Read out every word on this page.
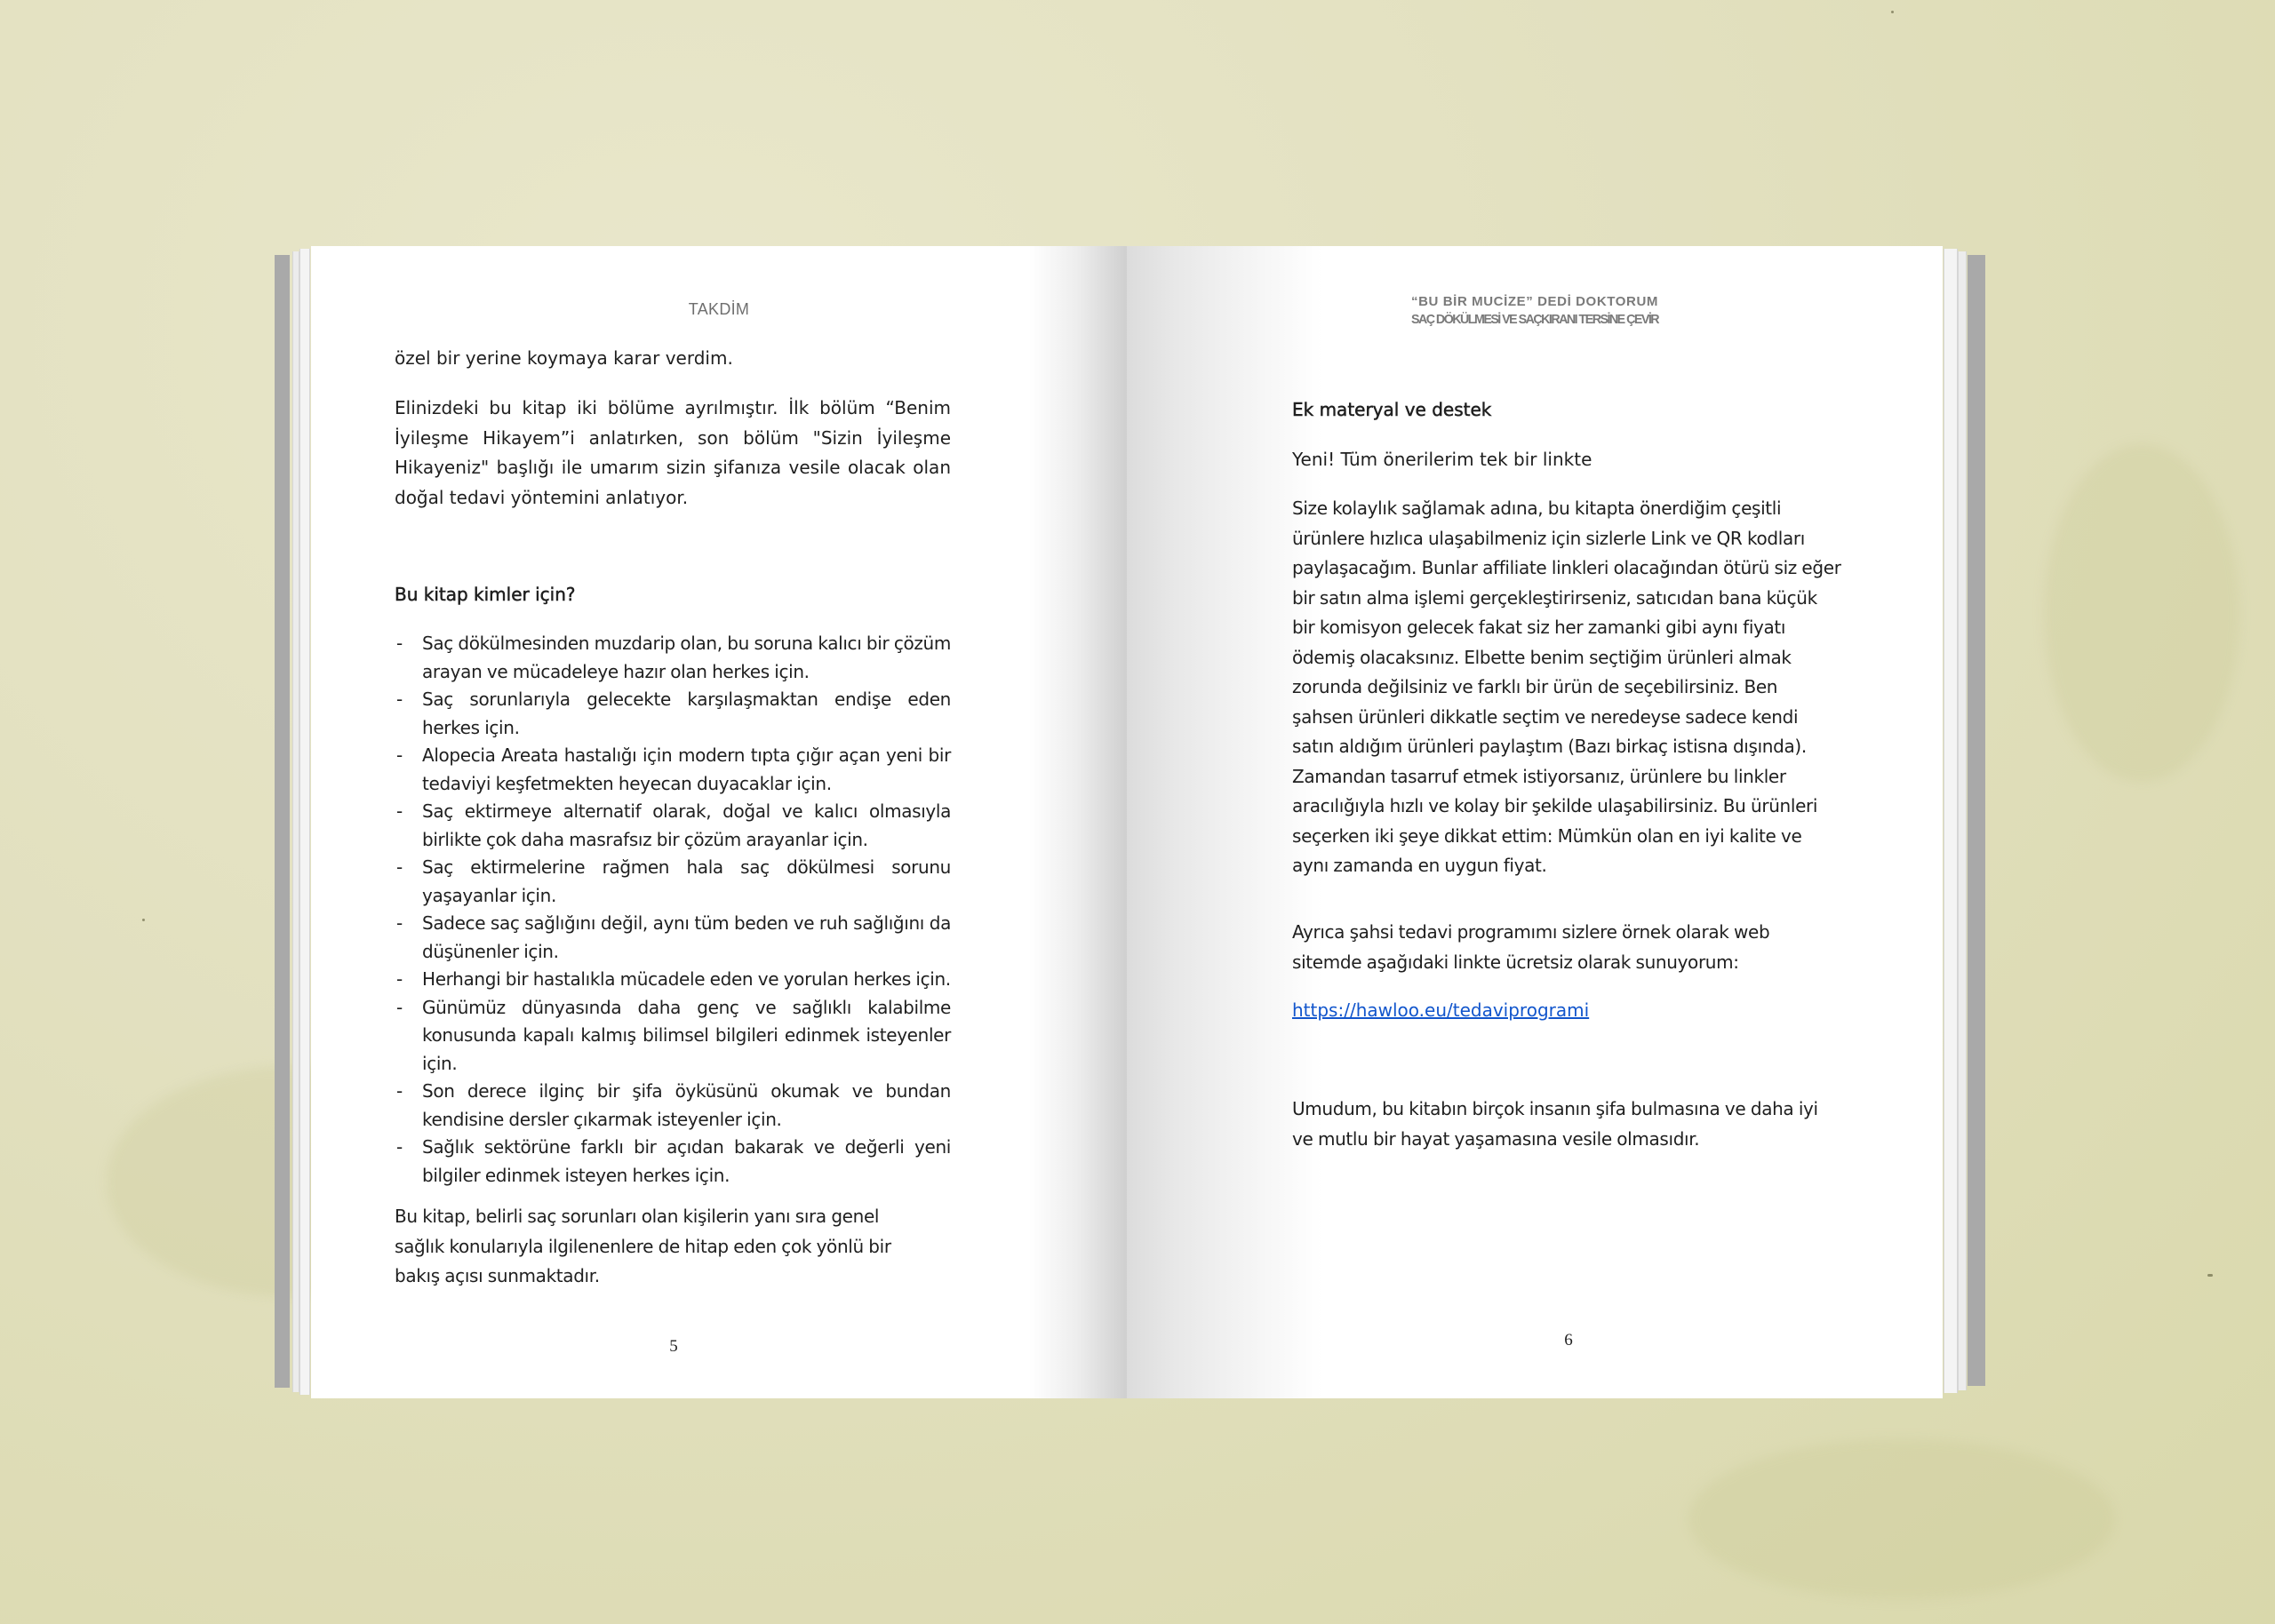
TAKDİM
özel bir yerine koymaya karar verdim.
Elinizdeki bu kitap iki bölüme ayrılmıştır. İlk bölüm “Benim İyileşme Hikayem”i anlatırken, son bölüm "Sizin İyileşme Hikayeniz" başlığı ile umarım sizin şifanıza vesile olacak olan doğal tedavi yöntemini anlatıyor.
Bu kitap kimler için?
- Saç dökülmesinden muzdarip olan, bu soruna kalıcı bir çözüm arayan ve mücadeleye hazır olan herkes için.
- Saç sorunlarıyla gelecekte karşılaşmaktan endişe eden herkes için.
- Alopecia Areata hastalığı için modern tıpta çığır açan yeni bir tedaviyi keşfetmekten heyecan duyacaklar için.
- Saç ektirmeye alternatif olarak, doğal ve kalıcı olmasıyla birlikte çok daha masrafsız bir çözüm arayanlar için.
- Saç ektirmelerine rağmen hala saç dökülmesi sorunu yaşayanlar için.
- Sadece saç sağlığını değil, aynı tüm beden ve ruh sağlığını da düşünenler için.
- Herhangi bir hastalıkla mücadele eden ve yorulan herkes için.
- Günümüz dünyasında daha genç ve sağlıklı kalabilme konusunda kapalı kalmış bilimsel bilgileri edinmek isteyenler için.
- Son derece ilginç bir şifa öyküsünü okumak ve bundan kendisine dersler çıkarmak isteyenler için.
- Sağlık sektörüne farklı bir açıdan bakarak ve değerli yeni bilgiler edinmek isteyen herkes için.
Bu kitap, belirli saç sorunları olan kişilerin yanı sıra genel sağlık konularıyla ilgilenenlere de hitap eden çok yönlü bir bakış açısı sunmaktadır.
5
“BU BİR MUCİZE” DEDİ DOKTORUM
SAÇ DÖKÜLMESİ VE SAÇKIRANI TERSİNE ÇEVİR
Ek materyal ve destek
Yeni! Tüm önerilerim tek bir linkte
Size kolaylık sağlamak adına, bu kitapta önerdiğim çeşitli ürünlere hızlıca ulaşabilmeniz için sizlerle Link ve QR kodları paylaşacağım. Bunlar affiliate linkleri olacağından ötürü siz eğer bir satın alma işlemi gerçekleştirirseniz, satıcıdan bana küçük bir komisyon gelecek fakat siz her zamanki gibi aynı fiyatı ödemiş olacaksınız. Elbette benim seçtiğim ürünleri almak zorunda değilsiniz ve farklı bir ürün de seçebilirsiniz. Ben şahsen ürünleri dikkatle seçtim ve neredeyse sadece kendi satın aldığım ürünleri paylaştım (Bazı birkaç istisna dışında). Zamandan tasarruf etmek istiyorsanız, ürünlere bu linkler aracılığıyla hızlı ve kolay bir şekilde ulaşabilirsiniz. Bu ürünleri seçerken iki şeye dikkat ettim: Mümkün olan en iyi kalite ve aynı zamanda en uygun fiyat.
Ayrıca şahsi tedavi programımı sizlere örnek olarak web sitemde aşağıdaki linkte ücretsiz olarak sunuyorum:
https://hawloo.eu/tedaviprogrami
Umudum, bu kitabın birçok insanın şifa bulmasına ve daha iyi ve mutlu bir hayat yaşamasına vesile olmasıdır.
6
